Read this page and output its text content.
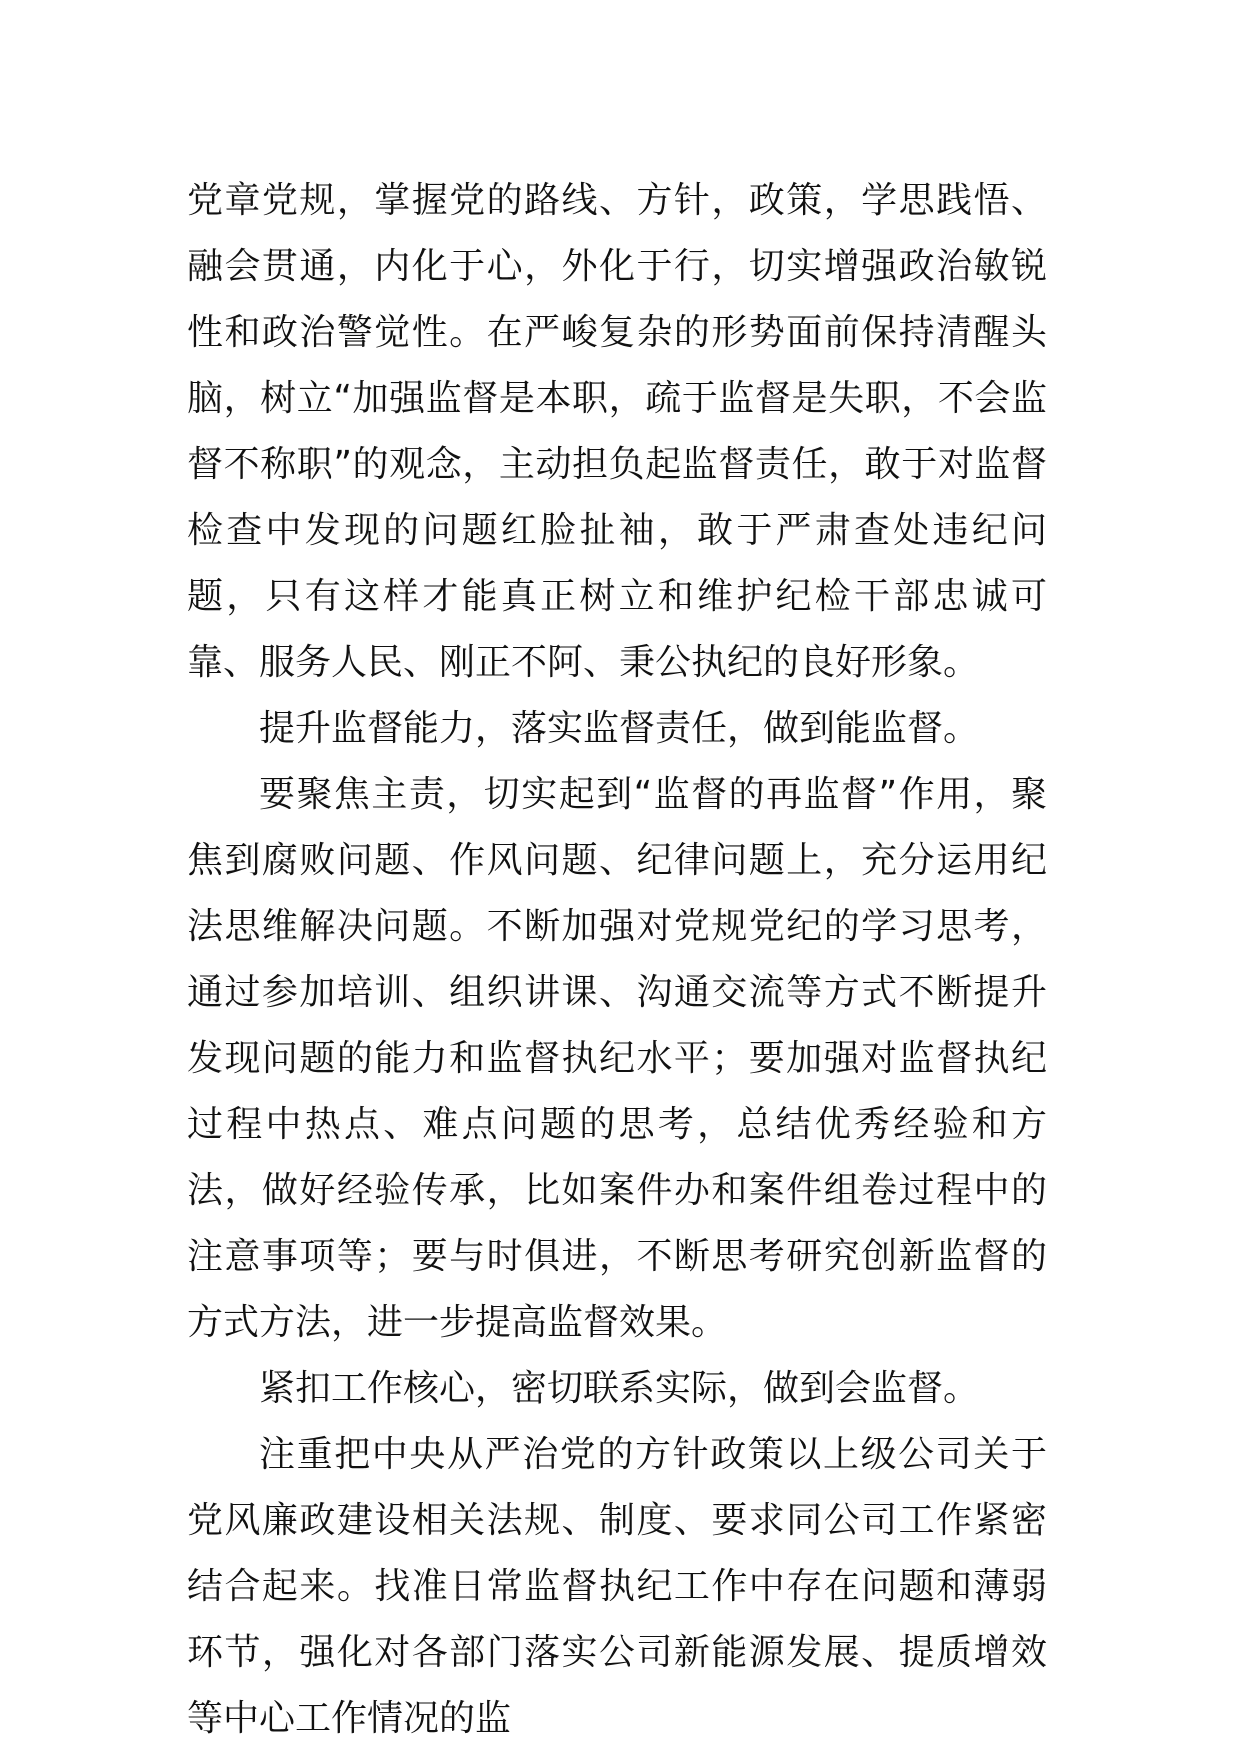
党章党规，掌握党的路线、方针，政策，学思践悟、融会贯通，内化于心，外化于行，切实增强政治敏锐性和政治警觉性。在严峻复杂的形势面前保持清醒头脑，树立“加强监督是本职，疏于监督是失职，不会监督不称职”的观念，主动担负起监督责任，敢于对监督检查中发现的问题红脸扯袖，敢于严肃查处违纪问题，只有这样才能真正树立和维护纪检干部忠诚可靠、服务人民、刚正不阿、秉公执纪的良好形象。

提升监督能力，落实监督责任，做到能监督。

要聚焦主责，切实起到“监督的再监督”作用，聚焦到腐败问题、作风问题、纪律问题上，充分运用纪法思维解决问题。不断加强对党规党纪的学习思考，通过参加培训、组织讲课、沟通交流等方式不断提升发现问题的能力和监督执纪水平；要加强对监督执纪过程中热点、难点问题的思考，总结优秀经验和方法，做好经验传承，比如案件办和案件组卷过程中的注意事项等；要与时俱进，不断思考研究创新监督的方式方法，进一步提高监督效果。

紧扣工作核心，密切联系实际，做到会监督。

注重把中央从严治党的方针政策以上级公司关于党风廉政建设相关法规、制度、要求同公司工作紧密结合起来。找准日常监督执纪工作中存在问题和薄弱环节，强化对各部门落实公司新能源发展、提质增效等中心工作情况的监
